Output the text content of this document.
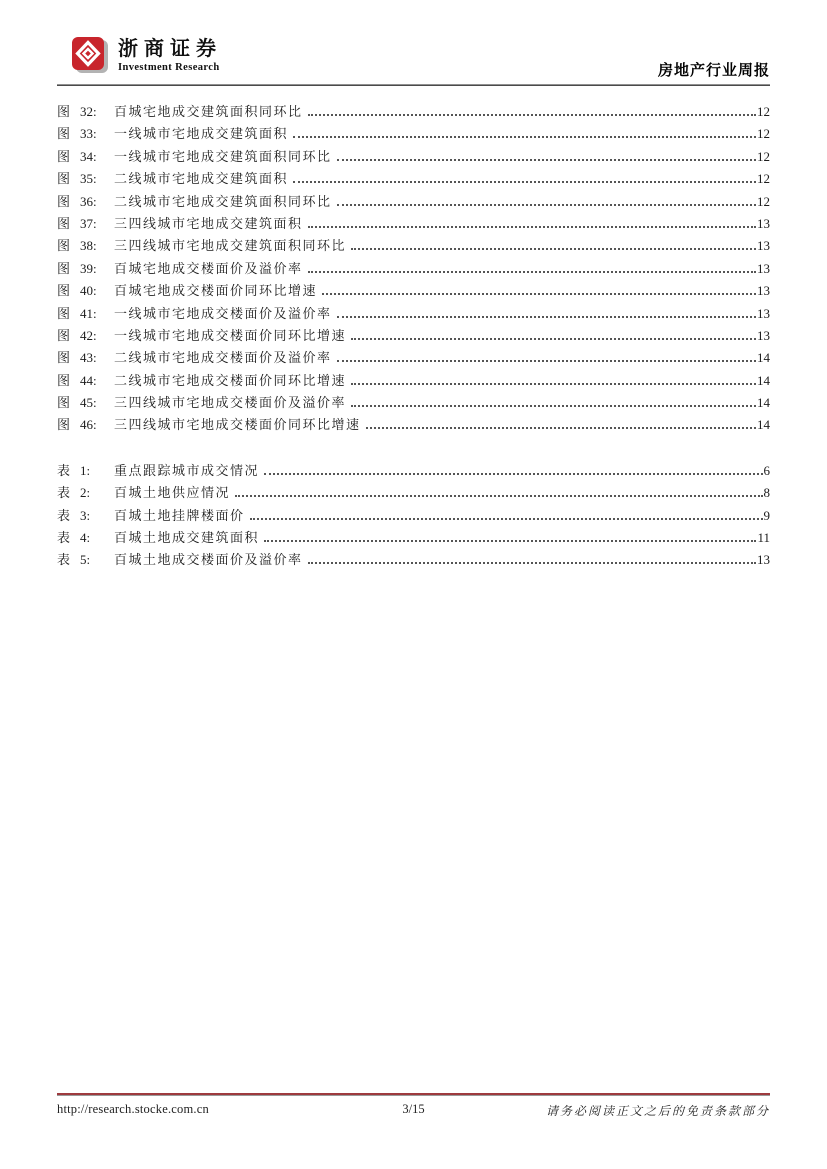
浙商证券
Investment Research	房地产行业周报
图 32:	百城宅地成交建筑面积同环比	12
图 33:	一线城市宅地成交建筑面积	12
图 34:	一线城市宅地成交建筑面积同环比	12
图 35:	二线城市宅地成交建筑面积	12
图 36:	二线城市宅地成交建筑面积同环比	12
图 37:	三四线城市宅地成交建筑面积	13
图 38:	三四线城市宅地成交建筑面积同环比	13
图 39:	百城宅地成交楼面价及溢价率	13
图 40:	百城宅地成交楼面价同环比增速	13
图 41:	一线城市宅地成交楼面价及溢价率	13
图 42:	一线城市宅地成交楼面价同环比增速	13
图 43:	二线城市宅地成交楼面价及溢价率	14
图 44:	二线城市宅地成交楼面价同环比增速	14
图 45:	三四线城市宅地成交楼面价及溢价率	14
图 46:	三四线城市宅地成交楼面价同环比增速	14
表 1:	重点跟踪城市成交情况	6
表 2:	百城土地供应情况	8
表 3:	百城土地挂牌楼面价	9
表 4:	百城土地成交建筑面积	11
表 5:	百城土地成交楼面价及溢价率	13
http://research.stocke.com.cn	3/15	请务必阅读正文之后的免责条款部分
